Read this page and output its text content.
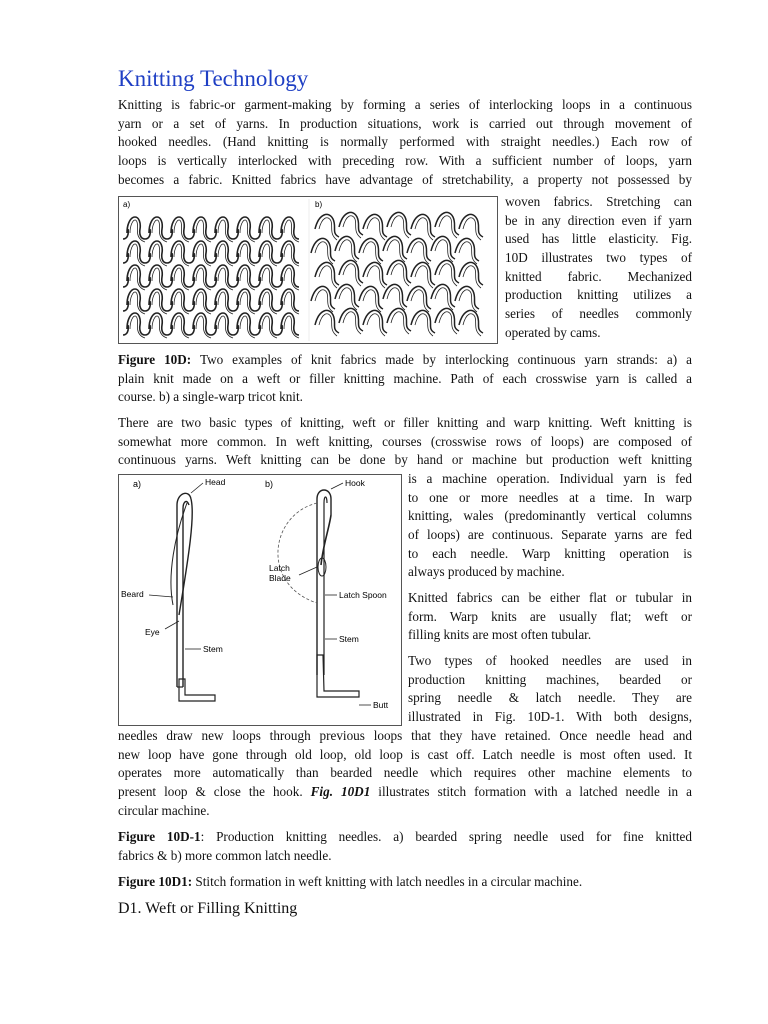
Knitting Technology
Knitting is fabric-or garment-making by forming a series of interlocking loops in a continuous
yarn or a set of yarns. In production situations, work is carried out through movement of
hooked needles. (Hand knitting is normally performed with straight needles.) Each row of
loops is vertically interlocked with preceding row. With a sufficient number of loops, yarn
becomes a fabric. Knitted fabrics have advantage of stretchability, a property not possessed by
woven fabrics. Stretching can
be in any direction even if yarn
used has little elasticity. Fig.
10D illustrates two types of
knitted fabric. Mechanized
production knitting utilizes a
series of needles commonly
operated by cams.
a)	b)
Figure 10D: Two examples of knit fabrics made by interlocking continuous yarn strands: a) a
plain knit made on a weft or filler knitting machine. Path of each crosswise yarn is called a
course. b) a single-warp tricot knit.
There are two basic types of knitting, weft or filler knitting and warp knitting. Weft knitting is
somewhat more common. In weft knitting, courses (crosswise rows of loops) are composed of
continuous yarns. Weft knitting can be done by hand or machine but production weft knitting
is a machine operation. Individual yarn is fed
to one or more needles at a time. In warp
knitting, wales (predominantly vertical columns
of loops) are continuous. Separate yarns are fed
to each needle. Warp knitting operation is
always produced by machine.
Knitted fabrics can be either flat or tubular in
form. Warp knits are usually flat; weft or
filling knits are most often tubular.
Two types of hooked needles are used in
production knitting machines, bearded or
spring needle & latch needle. They are
illustrated in Fig. 10D-1. With both designs,
a)	b)
Head
Beard
Eye
Stem
Hook
Latch
Blade
Latch Spoon
Stem
Butt
needles draw new loops through previous loops that they have retained. Once needle head and
new loop have gone through old loop, old loop is cast off. Latch needle is most often used. It
operates more automatically than bearded needle which requires other machine elements to
present loop & close the hook. Fig. 10D1 illustrates stitch formation with a latched needle in a
circular machine.
Figure 10D-1: Production knitting needles. a) bearded spring needle used for fine knitted
fabrics & b) more common latch needle.
Figure 10D1: Stitch formation in weft knitting with latch needles in a circular machine.
D1. Weft or Filling Knitting
